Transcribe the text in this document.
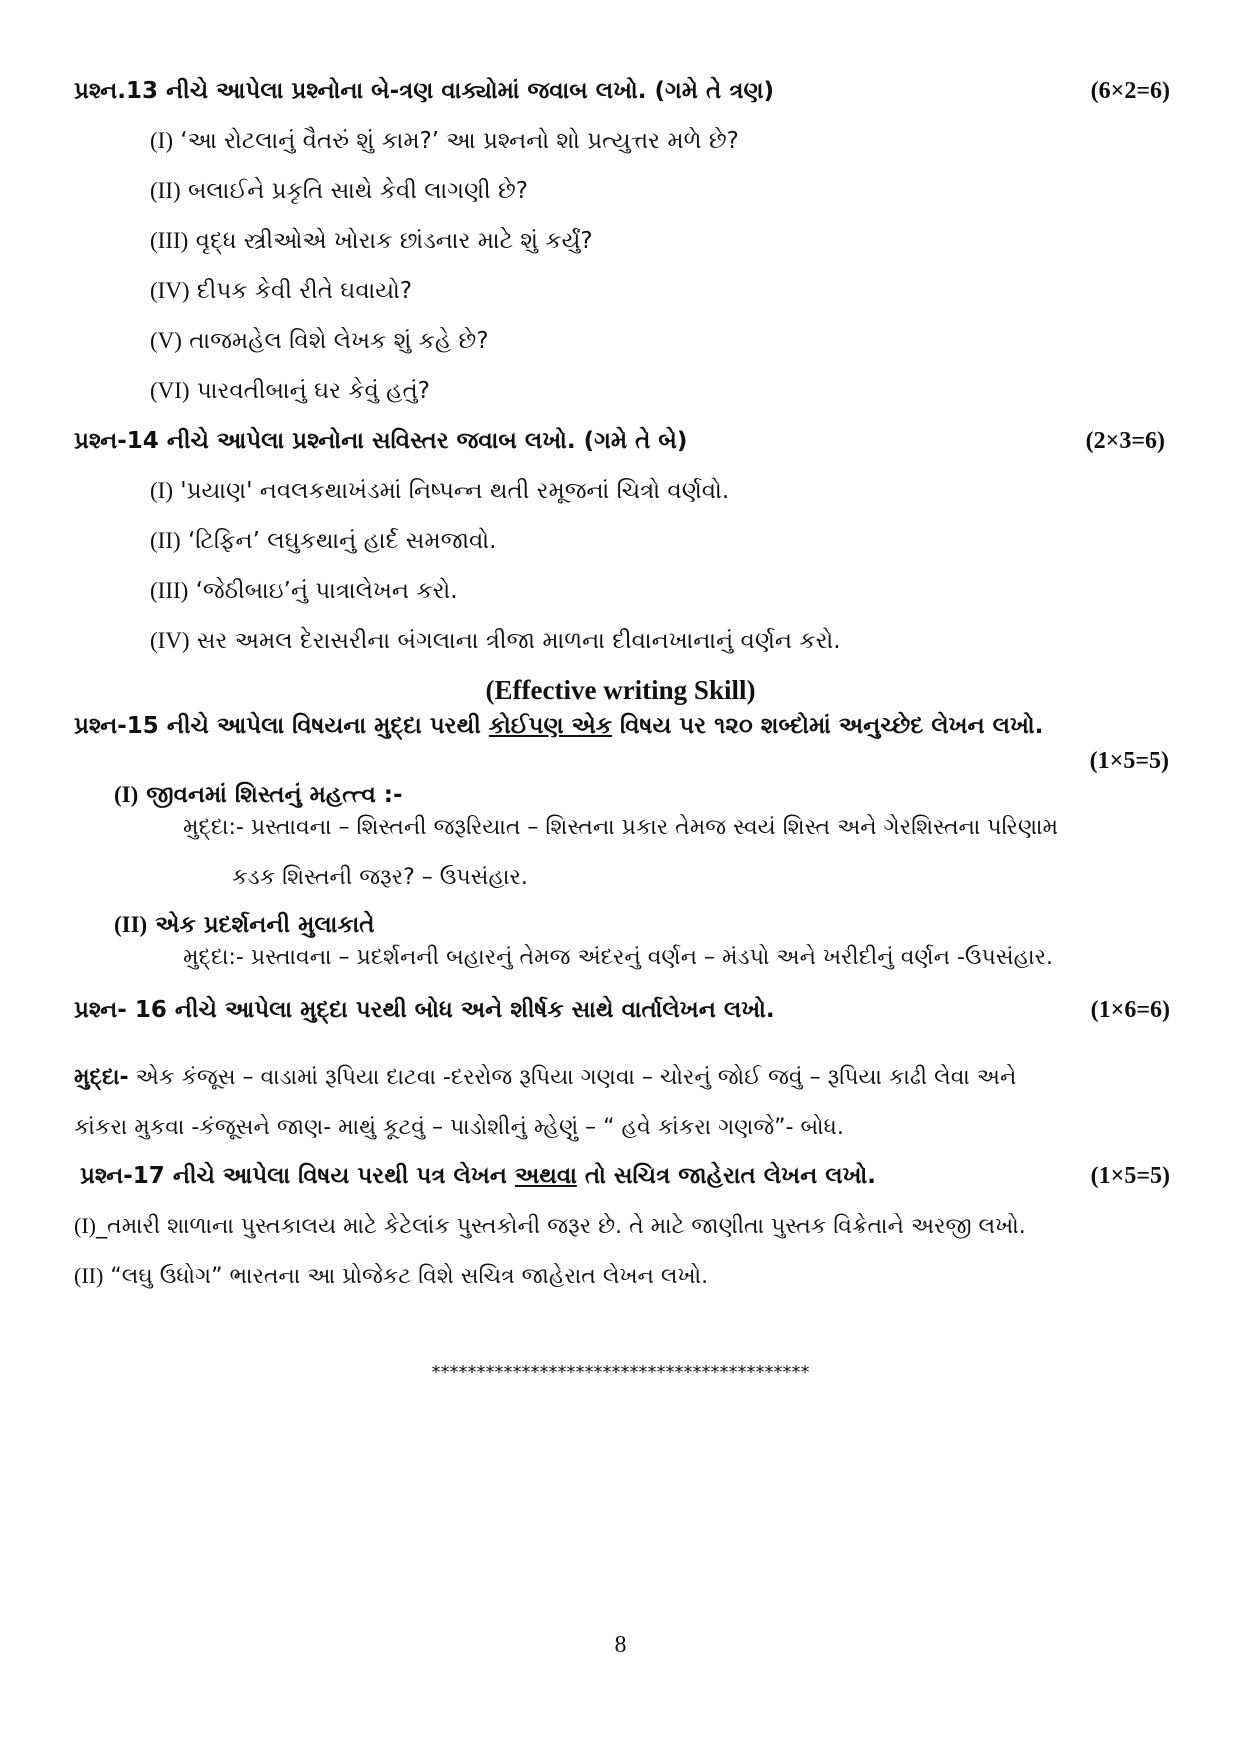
પ્રશ્ન.13 નીચે આપેલા પ્રશ્નોના બે-ત્રણ વાક્યોમાં જવાબ લખો. (ગમે તે ત્રણ)	(6×2=6)
(I) ‘આ રોટલાનું વૈતરું શું કામ?’ આ પ્રશ્નનો શો પ્રત્યુત્તર મળે છે?
(II) બલાઈને પ્રકૃતિ સાથે કેવી લાગણી છે?
(III) વૃદ્ધ સ્ત્રીઓએ ખોરાક છાંડનાર માટે શું કર્યું?
(IV) દીપક કેવી રીતે ઘવાયો?
(V) તાજમહેલ વિશે લેખક શું કહે છે?
(VI) પારવતીબાનું ઘર કેવું હતું?
પ્રશ્ન-14 નીચે આપેલા પ્રશ્નોના સવિસ્તર જવાબ લખો. (ગમે તે બે)	(2×3=6)
(I) 'પ્રયાણ' નવલકથાખંડમાં નિષ્પન્ન થતી રમૂજનાં ચિત્રો વર્ણવો.
(II) ‘ટિફિન’ લઘુકથાનું હાર્દ સમજાવો.
(III) ‘જેઠીબાઇ’નું પાત્રાલેખન કરો.
(IV) સર અમલ દેરાસરીના બંગલાના ત્રીજા માળના દીવાનખાનાનું વર્ણન કરો.
(Effective writing Skill)
પ્રશ્ન-15 નીચે આપેલા વિષયના મુદ્દા પરથી કોઈપણ એક વિષય પર ૧૨૦ શબ્દોમાં અનુચ્છેદ લેખન લખો.
(1×5=5)
(I) જીવનમાં શિસ્તનું મહત્ત્વ :-
મુદ્દા:- પ્રસ્તાવના – શિસ્તની જરૂરિયાત – શિસ્તના પ્રકાર તેમજ સ્વયં શિસ્ત અને ગેરશિસ્તના પરિણામ
કડક શિસ્તની જરૂર? – ઉપસંહાર.
(II) એક પ્રદર્શનની મુલાકાતે
મુદ્દા:- પ્રસ્તાવના – પ્રદર્શનની બહારનું તેમજ અંદરનું વર્ણન – મંડપો અને ખરીદીનું વર્ણન -ઉપસંહાર.
પ્રશ્ન- 16 નીચે આપેલા મુદ્દા પરથી બોધ અને શીર્ષક સાથે વાર્તાલેખન લખો.	(1×6=6)
મુદ્દા- એક કંજૂસ – વાડામાં રૂપિયા દાટવા -દરરોજ રૂપિયા ગણવા – ચોરનું જોઈ જવું – રૂપિયા કાઢી લેવા અને
કાંકરા મુકવા -કંજૂસને જાણ- માથું કૂટવું – પાડોશીનું મ્હેણું – “ હવે કાંકરા ગણજે”- બોધ.
પ્રશ્ન-17 નીચે આપેલા વિષય પરથી પત્ર લેખન અથવા તો સચિત્ર જાહેરાત લેખન લખો.	(1×5=5)
(I)_તમારી શાળાના પુસ્તકાલય માટે કેટેલાંક પુસ્તકોની જરૂર છે. તે માટે જાણીતા પુસ્તક વિક્રેતાને અરજી લખો.
(II) “લઘુ ઉધોગ” ભારતના આ પ્રોજેકટ વિશે સચિત્ર જાહેરાત લેખન લખો.
******************************************
8
